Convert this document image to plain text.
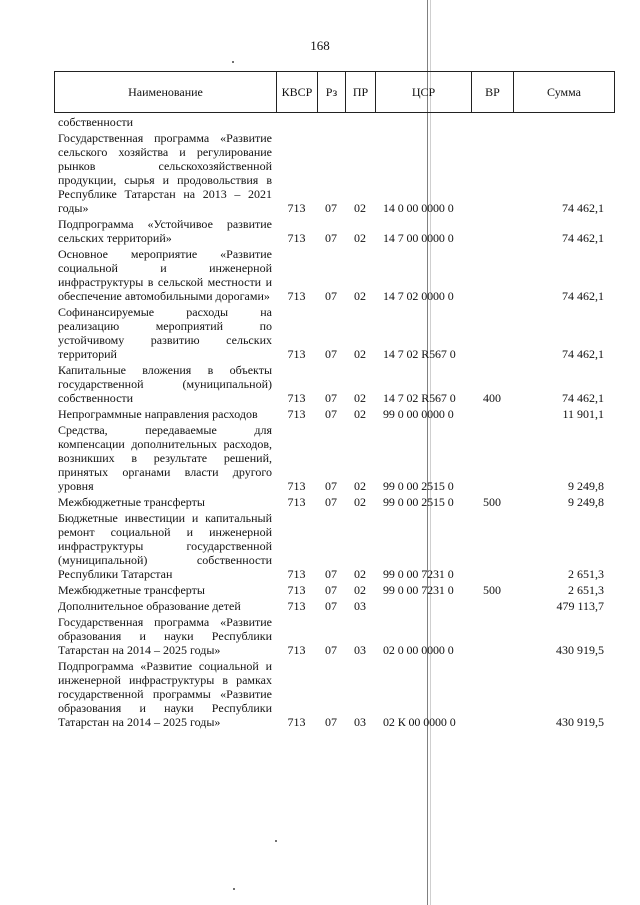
168
Наименование	КВСР	Рз	ПР	ЦСР	ВР	Сумма
собственности						
Государственная программа «Развитие сельского хозяйства и регулирование рынков сельскохозяйственной продукции, сырья и продовольствия в Республике Татарстан на 2013 – 2021 годы»	713	07	02	14 0 00 0000 0		74 462,1
Подпрограмма «Устойчивое развитие сельских территорий»	713	07	02	14 7 00 0000 0		74 462,1
Основное мероприятие «Развитие социальной и инженерной инфраструктуры в сельской местности и обеспечение автомобильными дорогами»	713	07	02	14 7 02 0000 0		74 462,1
Софинансируемые расходы на реализацию мероприятий по устойчивому развитию сельских территорий	713	07	02	14 7 02 R567 0		74 462,1
Капитальные вложения в объекты государственной (муниципальной) собственности	713	07	02	14 7 02 R567 0	400	74 462,1
Непрограммные направления расходов	713	07	02	99 0 00 0000 0		11 901,1
Средства, передаваемые для компенсации дополнительных расходов, возникших в результате решений, принятых органами власти другого уровня	713	07	02	99 0 00 2515 0		9 249,8
Межбюджетные трансферты	713	07	02	99 0 00 2515 0	500	9 249,8
Бюджетные инвестиции и капитальный ремонт социальной и инженерной инфраструктуры государственной (муниципальной) собственности Республики Татарстан	713	07	02	99 0 00 7231 0		2 651,3
Межбюджетные трансферты	713	07	02	99 0 00 7231 0	500	2 651,3
Дополнительное образование детей	713	07	03			479 113,7
Государственная программа «Развитие образования и науки Республики Татарстан на 2014 – 2025 годы»	713	07	03	02 0 00 0000 0		430 919,5
Подпрограмма «Развитие социальной и инженерной инфраструктуры в рамках государственной программы «Развитие образования и науки Республики Татарстан на 2014 – 2025 годы»	713	07	03	02 К 00 0000 0		430 919,5
